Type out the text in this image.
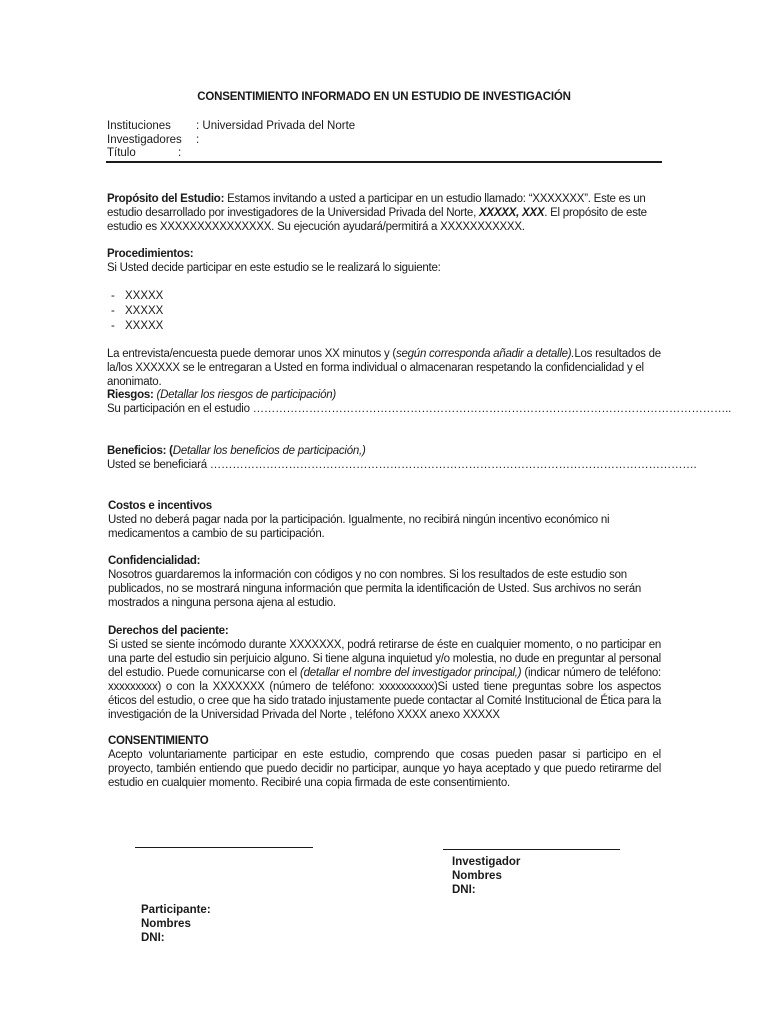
CONSENTIMIENTO INFORMADO EN UN ESTUDIO DE INVESTIGACIÓN
Instituciones : Universidad Privada del Norte
Investigadores :
Título	:

Propósito del Estudio: Estamos invitando a usted a participar en un estudio llamado: “XXXXXXX”. Este es un estudio desarrollado por investigadores de la Universidad Privada del Norte, XXXXX, XXX. El propósito de este estudio es XXXXXXXXXXXXXXX. Su ejecución ayudará/permitirá a XXXXXXXXXXX.

Procedimientos:

Si Usted decide participar en este estudio se le realizará lo siguiente:

- XXXXX
- XXXXX
- XXXXX

La entrevista/encuesta puede demorar unos XX minutos y (según corresponda añadir a detalle).Los resultados de la/los XXXXXX se le entregaran a Usted en forma individual o almacenaran respetando la confidencialidad y el anonimato.

Riesgos: (Detallar los riesgos de participación)

Su participación en el estudio ………………………………………………………………………………………………………………..

Beneficios: (Detallar los beneficios de participación,)

Usted se beneficiará ………………………………………………………………………………………………………………….

Costos e incentivos

Usted no deberá pagar nada por la participación. Igualmente, no recibirá ningún incentivo económico ni medicamentos a cambio de su participación.

Confidencialidad:

Nosotros guardaremos la información con códigos y no con nombres. Si los resultados de este estudio son publicados, no se mostrará ninguna información que permita la identificación de Usted. Sus archivos no serán mostrados a ninguna persona ajena al estudio.

Derechos del paciente:

Si usted se siente incómodo durante XXXXXXX, podrá retirarse de éste en cualquier momento, o no participar en una parte del estudio sin perjuicio alguno. Si tiene alguna inquietud y/o molestia, no dude en preguntar al personal del estudio. Puede comunicarse con el (detallar el nombre del investigador principal,) (indicar número de teléfono: xxxxxxxxx) o con la XXXXXXX (número de teléfono: xxxxxxxxxx)Si usted tiene preguntas sobre los aspectos éticos del estudio, o cree que ha sido tratado injustamente puede contactar al Comité Institucional de Ética para la investigación de la Universidad Privada del Norte , teléfono XXXX anexo XXXXX

CONSENTIMIENTO

Acepto voluntariamente participar en este estudio, comprendo que cosas pueden pasar si participo en el proyecto, también entiendo que puedo decidir no participar, aunque yo haya aceptado y que puedo retirarme del estudio en cualquier momento. Recibiré una copia firmada de este consentimiento.

Investigador
Nombres
DNI:
Participante:
Nombres
DNI:
